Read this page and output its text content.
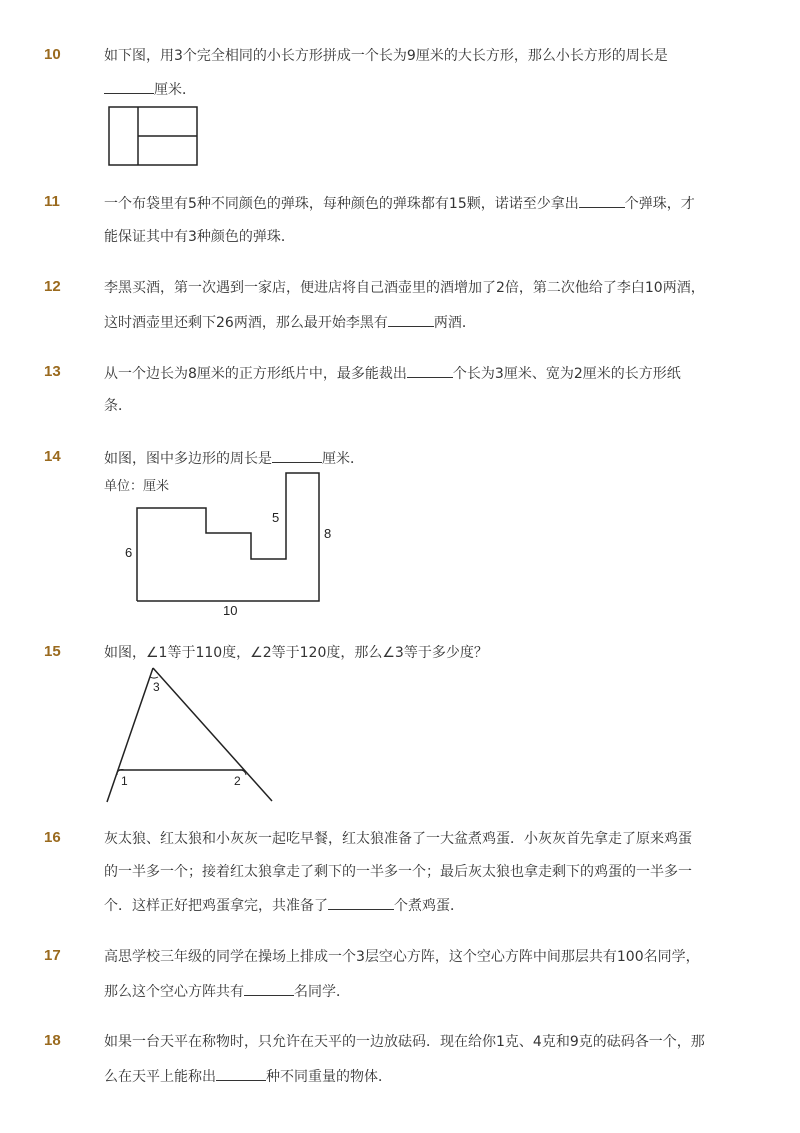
10	如下图，用3个完全相同的小长方形拼成一个长为9厘米的大长方形，那么小长方形的周长是
厘米．
11	一个布袋里有5种不同颜色的弹珠，每种颜色的弹珠都有15颗，诺诺至少拿出	个弹珠，才
能保证其中有3种颜色的弹珠．
12	李黑买酒，第一次遇到一家店，便进店将自己酒壶里的酒增加了2倍，第二次他给了李白10两酒，
这时酒壶里还剩下26两酒，那么最开始李黑有	两酒．
13	从一个边长为8厘米的正方形纸片中，最多能裁出	个长为3厘米、宽为2厘米的长方形纸
条．
14	如图，图中多边形的周长是	厘米．
单位：厘米
6
5
8
10
15	如图，∠1等于110度，∠2等于120度，那么∠3等于多少度？
1	2
3
16	灰太狼、红太狼和小灰灰一起吃早餐，红太狼准备了一大盆煮鸡蛋．小灰灰首先拿走了原来鸡蛋
的一半多一个；接着红太狼拿走了剩下的一半多一个；最后灰太狼也拿走剩下的鸡蛋的一半多一
个．这样正好把鸡蛋拿完，共准备了	个煮鸡蛋．
17	高思学校三年级的同学在操场上排成一个3层空心方阵，这个空心方阵中间那层共有100名同学，
那么这个空心方阵共有	名同学．
18	如果一台天平在称物时，只允许在天平的一边放砝码．现在给你1克、4克和9克的砝码各一个，那
么在天平上能称出	种不同重量的物体．
